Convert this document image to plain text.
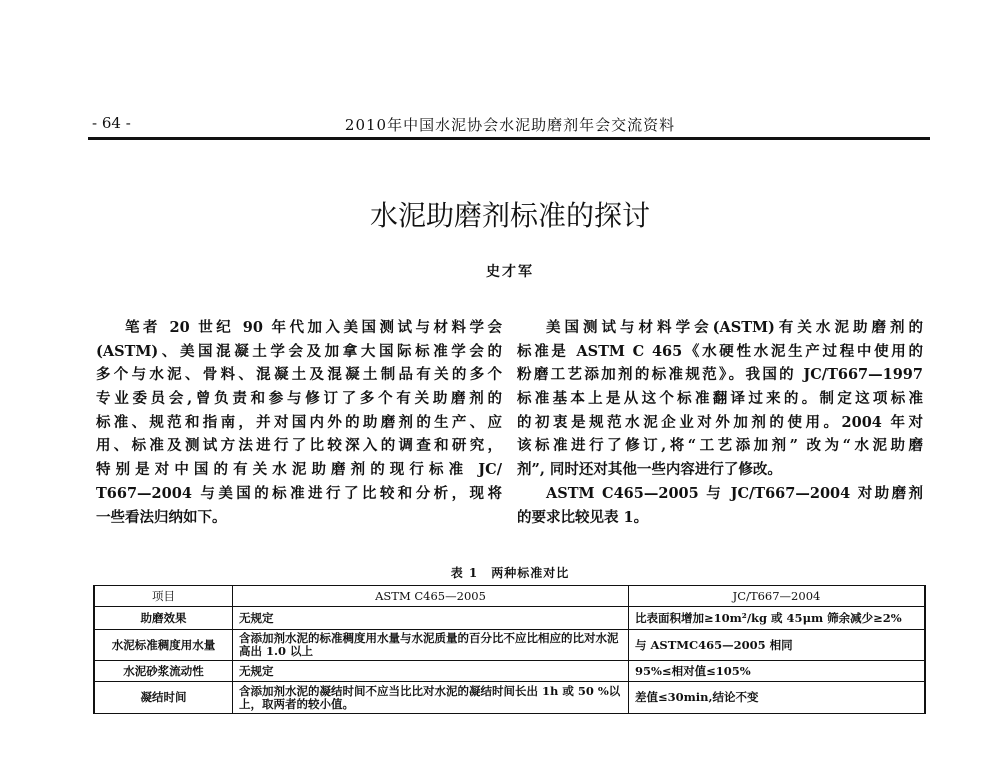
- 64 -	2010年中国水泥协会水泥助磨剂年会交流资料
水泥助磨剂标准的探讨
史才军
笔者 20 世纪 90 年代加入美国测试与材料学会
(ASTM)、美国混凝土学会及加拿大国际标准学会的
多个与水泥、骨料、混凝土及混凝土制品有关的多个
专业委员会,曾负责和参与修订了多个有关助磨剂的
标准、规范和指南，并对国内外的助磨剂的生产、应
用、标准及测试方法进行了比较深入的调查和研究，
特别是对中国的有关水泥助磨剂的现行标准 JC/
T667—2004 与美国的标准进行了比较和分析，现将
一些看法归纳如下。
美国测试与材料学会(ASTM)有关水泥助磨剂的
标准是 ASTM C 465《水硬性水泥生产过程中使用的
粉磨工艺添加剂的标准规范》。我国的 JC/T667—1997
标准基本上是从这个标准翻译过来的。制定这项标准
的初衷是规范水泥企业对外加剂的使用。2004 年对
该标准进行了修订,将“工艺添加剂” 改为“水泥助磨
剂”, 同时还对其他一些内容进行了修改。
ASTM C465—2005 与 JC/T667—2004 对助磨剂
的要求比较见表 1。
表 1　两种标准对比
项目	ASTM C465—2005	JC/T667—2004
助磨效果	无规定	比表面积增加≥10m²/kg 或 45μm 筛余减少≥2%
水泥标准稠度用水量	含添加剂水泥的标准稠度用水量与水泥质量的百分比不应比相应的比对水泥高出 1.0 以上	与 ASTMC465—2005 相同
水泥砂浆流动性	无规定	95%≤相对值≤105%
凝结时间	含添加剂水泥的凝结时间不应当比比对水泥的凝结时间长出 1h 或 50 %以上，取两者的较小值。	差值≤30min,结论不变
